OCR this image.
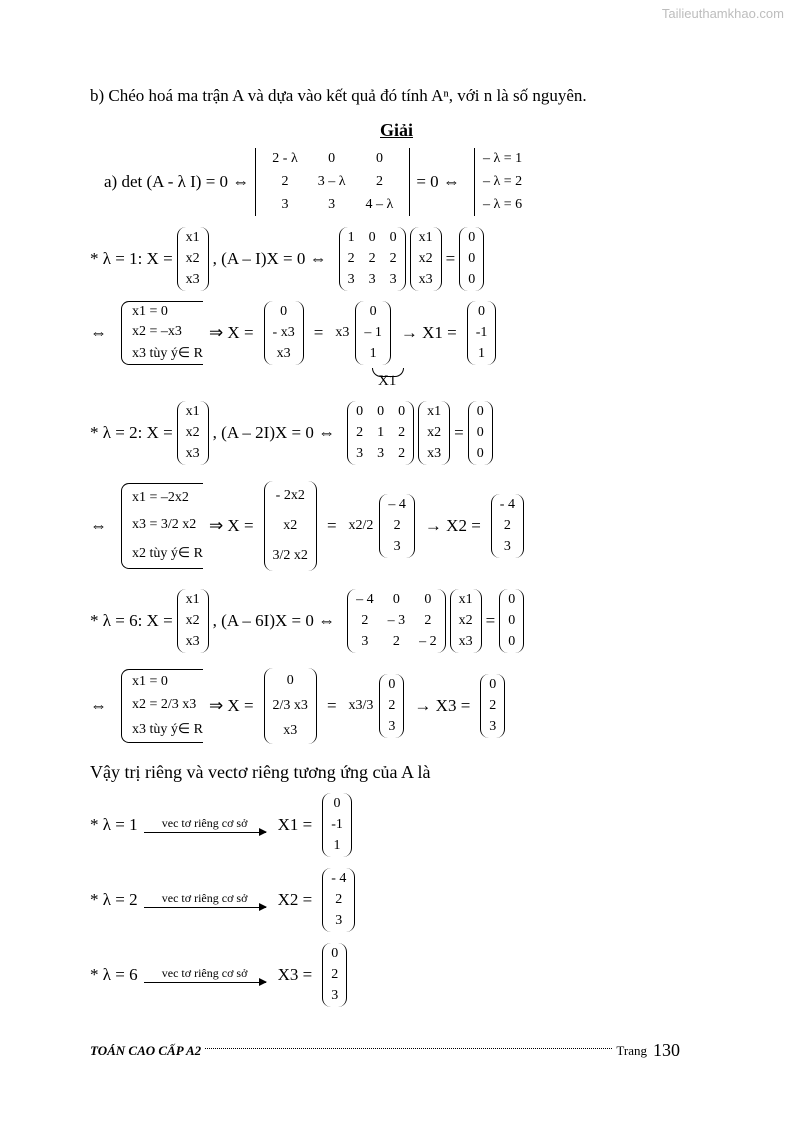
Tailieuthamkhao.com
b) Chéo hoá ma trận A và dựa vào kết quả đó tính Aⁿ, với n là số nguyên.
Giải
a) det (A - λ I) = 0 ⇔
2 - λ
2
3
0
3 – λ
3
0
2
4 – λ
= 0 ⇔
– λ = 1
– λ = 2
– λ = 6
* λ = 1: X =
x1
x2
x3
, (A – I)X = 0 ⇔
1
2
3
0
2
3
0
2
3
x1
x2
x3
=
0
0
0
⇔
x1 = 0
x2 = –x3
x3 tùy ý∈ R
⇒ X =
0
- x3
x3
= x3
0
– 1
1
→ X1 =
0
-1
1
X1
* λ = 2: X =
x1
x2
x3
, (A – 2I)X = 0 ⇔
0
2
3
0
1
3
0
2
2
x1
x2
x3
=
0
0
0
⇔
x1 = –2x2
x3 = 3/2 x2
x2 tùy ý∈ R
⇒ X =
- 2x2
x2
3/2 x2
= x2/2
– 4
2
3
→ X2 =
- 4
2
3
* λ = 6: X =
x1
x2
x3
, (A – 6I)X = 0 ⇔
– 4
2
3
0
– 3
2
0
2
– 2
x1
x2
x3
=
0
0
0
⇔
x1 = 0
x2 = 2/3 x3
x3 tùy ý∈ R
⇒ X =
0
2/3 x3
x3
= x3/3
0
2
3
→ X3 =
0
2
3
Vậy trị riêng và vectơ riêng tương ứng của A là
* λ = 1 vec tơ riêng cơ sở X1 =
0
-1
1
* λ = 2 vec tơ riêng cơ sở X2 =
- 4
2
3
* λ = 6 vec tơ riêng cơ sở X3 =
0
2
3
TOÁN CAO CẤP A2	Trang 130
